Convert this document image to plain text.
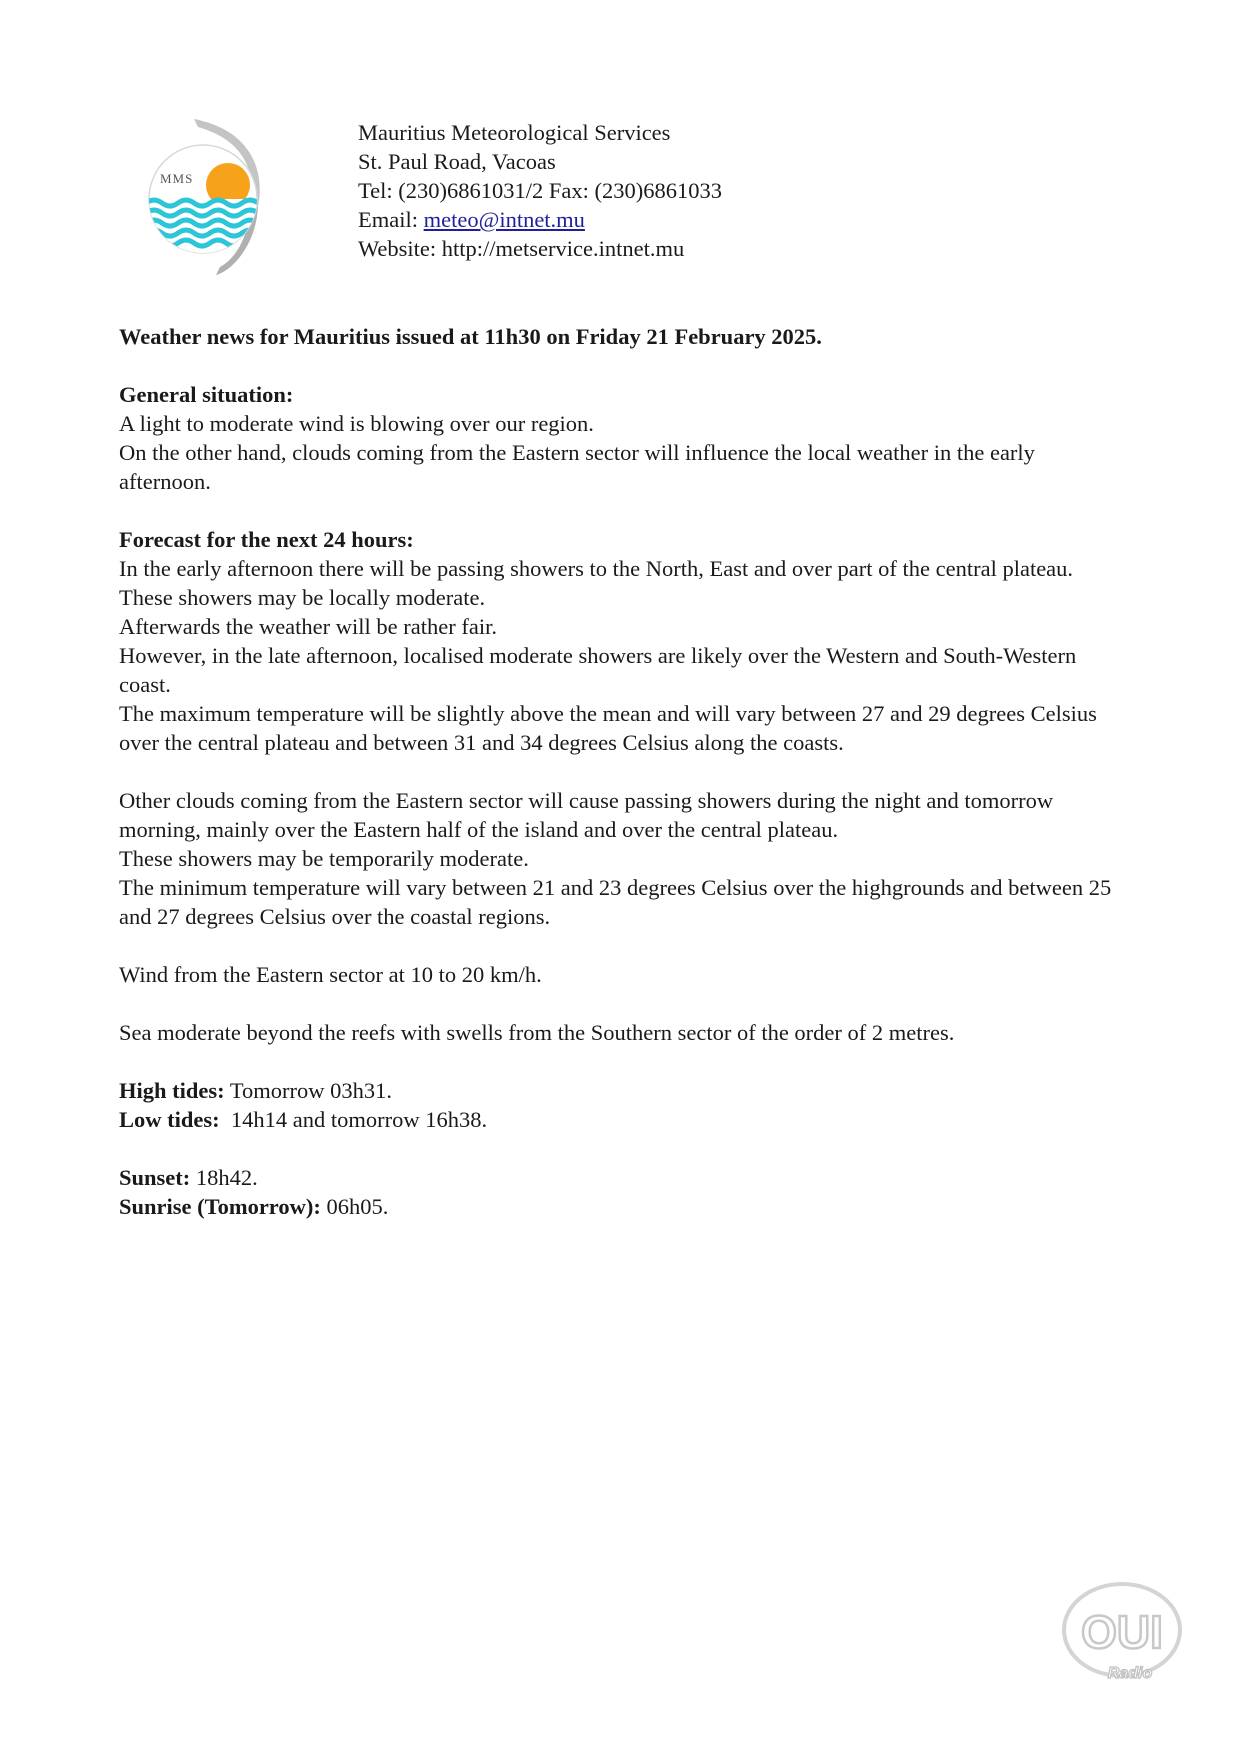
MMS
Mauritius Meteorological Services
St. Paul Road, Vacoas
Tel: (230)6861031/2 Fax: (230)6861033
Email: meteo@intnet.mu
Website: http://metservice.intnet.mu

Weather news for Mauritius issued at 11h30 on Friday 21 February 2025.

General situation:

A light to moderate wind is blowing over our region.

On the other hand, clouds coming from the Eastern sector will influence the local weather in the early afternoon.

Forecast for the next 24 hours:

In the early afternoon there will be passing showers to the North, East and over part of the central plateau. These showers may be locally moderate.

Afterwards the weather will be rather fair.

However, in the late afternoon, localised moderate showers are likely over the Western and South-Western coast.

The maximum temperature will be slightly above the mean and will vary between 27 and 29 degrees Celsius over the central plateau and between 31 and 34 degrees Celsius along the coasts.

Other clouds coming from the Eastern sector will cause passing showers during the night and tomorrow morning, mainly over the Eastern half of the island and over the central plateau.

These showers may be temporarily moderate.

The minimum temperature will vary between 21 and 23 degrees Celsius over the highgrounds and between 25 and 27 degrees Celsius over the coastal regions.

Wind from the Eastern sector at 10 to 20 km/h.

Sea moderate beyond the reefs with swells from the Southern sector of the order of 2 metres.

High tides: Tomorrow 03h31.

Low tides:  14h14 and tomorrow 16h38.

Sunset: 18h42.

Sunrise (Tomorrow): 06h05.

OUI
Radio
